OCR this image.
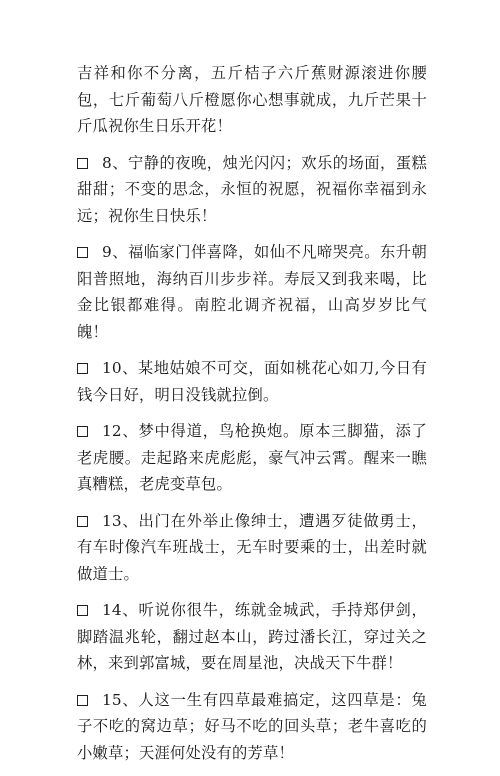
吉祥和你不分离，五斤桔子六斤蕉财源滚进你腰包，七斤葡萄八斤橙愿你心想事就成，九斤芒果十斤瓜祝你生日乐开花！

8、宁静的夜晚，烛光闪闪；欢乐的场面，蛋糕甜甜；不变的思念，永恒的祝愿，祝福你幸福到永远；祝你生日快乐！

9、福临家门伴喜降，如仙不凡啼哭亮。东升朝阳普照地，海纳百川步步祥。寿辰又到我来喝，比金比银都难得。南腔北调齐祝福，山高岁岁比气魄！

10、某地姑娘不可交，面如桃花心如刀,今日有钱今日好，明日没钱就拉倒。

12、梦中得道，鸟枪换炮。原本三脚猫，添了老虎腰。走起路来虎彪彪，豪气冲云霄。醒来一瞧真糟糕，老虎变草包。

13、出门在外举止像绅士，遭遇歹徒做勇士，有车时像汽车班战士，无车时要乘的士，出差时就做道士。

14、听说你很牛，练就金城武，手持郑伊剑，脚踏温兆轮，翻过赵本山，跨过潘长江，穿过关之林，来到郭富城，要在周星池，决战天下牛群！

15、人这一生有四草最难搞定，这四草是：兔子不吃的窝边草；好马不吃的回头草；老牛喜吃的小嫩草；天涯何处没有的芳草！
